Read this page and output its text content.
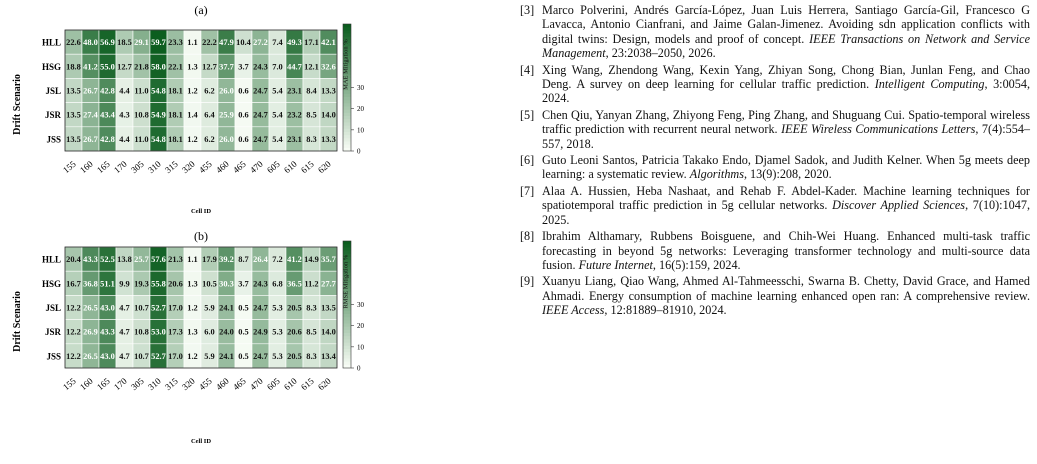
(a)
22.6 48.0 56.9 18.5 29.1 59.7 23.3 1.1 22.2 47.9 10.4 27.2 7.4 49.3 17.1 42.1
18.8 41.2 55.0 12.7 21.8 58.0 22.1 1.3 12.7 37.7 3.7 24.3 7.0 44.7 12.1 32.6
13.5 26.7 42.8 4.4 11.0 54.8 18.1 1.2 6.2 26.0 0.6 24.7 5.4 23.1 8.4 13.3
13.5 27.4 43.4 4.3 10.8 54.9 18.1 1.4 6.4 25.9 0.6 24.7 5.4 23.2 8.5 14.0
13.5 26.7 42.8 4.4 11.0 54.8 18.1 1.2 6.2 26.0 0.6 24.7 5.4 23.1 8.3 13.3
HLL
HSG
JSL
JSR
JSS
155 160 165 170 305 310 315 320 455 460 465 470 605 610 615 620
Cell ID
Drift Scenario
0
10
20
30
MAE Mitigation %
(b)
20.4 43.3 52.5 13.8 25.7 57.6 21.3 1.1 17.9 39.2 8.7 26.4 7.2 41.2 14.9 35.7
16.7 36.8 51.1 9.9 19.3 55.8 20.6 1.3 10.5 30.3 3.7 24.3 6.8 36.5 11.2 27.7
12.2 26.5 43.0 4.7 10.7 52.7 17.0 1.2 5.9 24.1 0.5 24.7 5.3 20.5 8.3 13.5
12.2 26.9 43.3 4.7 10.8 53.0 17.3 1.3 6.0 24.0 0.5 24.9 5.3 20.6 8.5 14.0
12.2 26.5 43.0 4.7 10.7 52.7 17.0 1.2 5.9 24.1 0.5 24.7 5.3 20.5 8.3 13.4
HLL
HSG
JSL
JSR
JSS
155 160 165 170 305 310 315 320 455 460 465 470 605 610 615 620
Cell ID
Drift Scenario
0
10
20
30
RMSE Mitigation %
[3] Marco Polverini, Andrés García-López, Juan Luis Herrera, Santiago García-Gil, Francesco G Lavacca, Antonio Cianfrani, and Jaime Galan-Jimenez. Avoiding sdn application conflicts with digital twins: Design, models and proof of concept. IEEE Transactions on Network and Service Management, 23:2038–2050, 2026.
[4] Xing Wang, Zhendong Wang, Kexin Yang, Zhiyan Song, Chong Bian, Junlan Feng, and Chao Deng. A survey on deep learning for cellular traffic prediction. Intelligent Computing, 3:0054, 2024.
[5] Chen Qiu, Yanyan Zhang, Zhiyong Feng, Ping Zhang, and Shuguang Cui. Spatio-temporal wireless traffic prediction with recurrent neural network. IEEE Wireless Communications Letters, 7(4):554–557, 2018.
[6] Guto Leoni Santos, Patricia Takako Endo, Djamel Sadok, and Judith Kelner. When 5g meets deep learning: a systematic review. Algorithms, 13(9):208, 2020.
[7] Alaa A. Hussien, Heba Nashaat, and Rehab F. Abdel-Kader. Machine learning techniques for spatiotemporal traffic prediction in 5g cellular networks. Discover Applied Sciences, 7(10):1047, 2025.
[8] Ibrahim Althamary, Rubbens Boisguene, and Chih-Wei Huang. Enhanced multi-task traffic forecasting in beyond 5g networks: Leveraging transformer technology and multi-source data fusion. Future Internet, 16(5):159, 2024.
[9] Xuanyu Liang, Qiao Wang, Ahmed Al-Tahmeesschi, Swarna B. Chetty, David Grace, and Hamed Ahmadi. Energy consumption of machine learning enhanced open ran: A comprehensive review. IEEE Access, 12:81889–81910, 2024.
